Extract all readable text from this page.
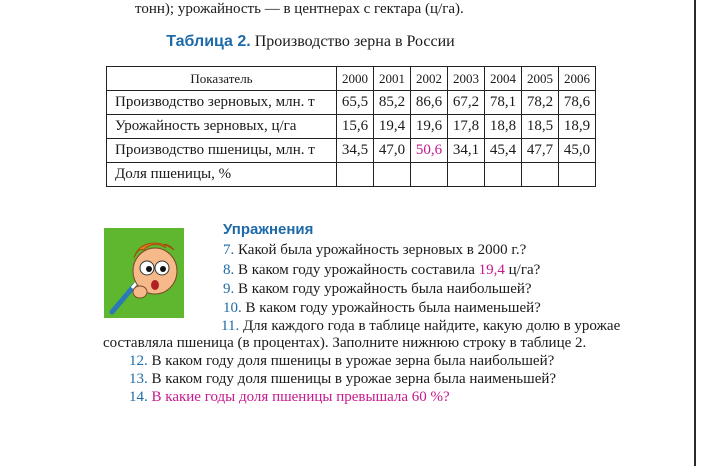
тонн); урожайность — в центнерах с гектара (ц/га).
Таблица 2. Производство зерна в России
Показатель	2000	2001	2002	2003	2004	2005	2006
Производство зерновых, млн. т	65,5	85,2	86,6	67,2	78,1	78,2	78,6
Урожайность зерновых, ц/га	15,6	19,4	19,6	17,8	18,8	18,5	18,9
Производство пшеницы, млн. т	34,5	47,0	50,6	34,1	45,4	47,7	45,0
Доля пшеницы, %							
Упражнения
7. Какой была урожайность зерновых в 2000 г.?
8. В каком году урожайность составила 19,4 ц/га?
9. В каком году урожайность была наибольшей?
10. В каком году урожайность была наименьшей?
11. Для каждого года в таблице найдите, какую долю в урожае
составляла пшеница (в процентах). Заполните нижнюю строку в таблице 2.
12. В каком году доля пшеницы в урожае зерна была наибольшей?
13. В каком году доля пшеницы в урожае зерна была наименьшей?
14. В какие годы доля пшеницы превышала 60 %?
